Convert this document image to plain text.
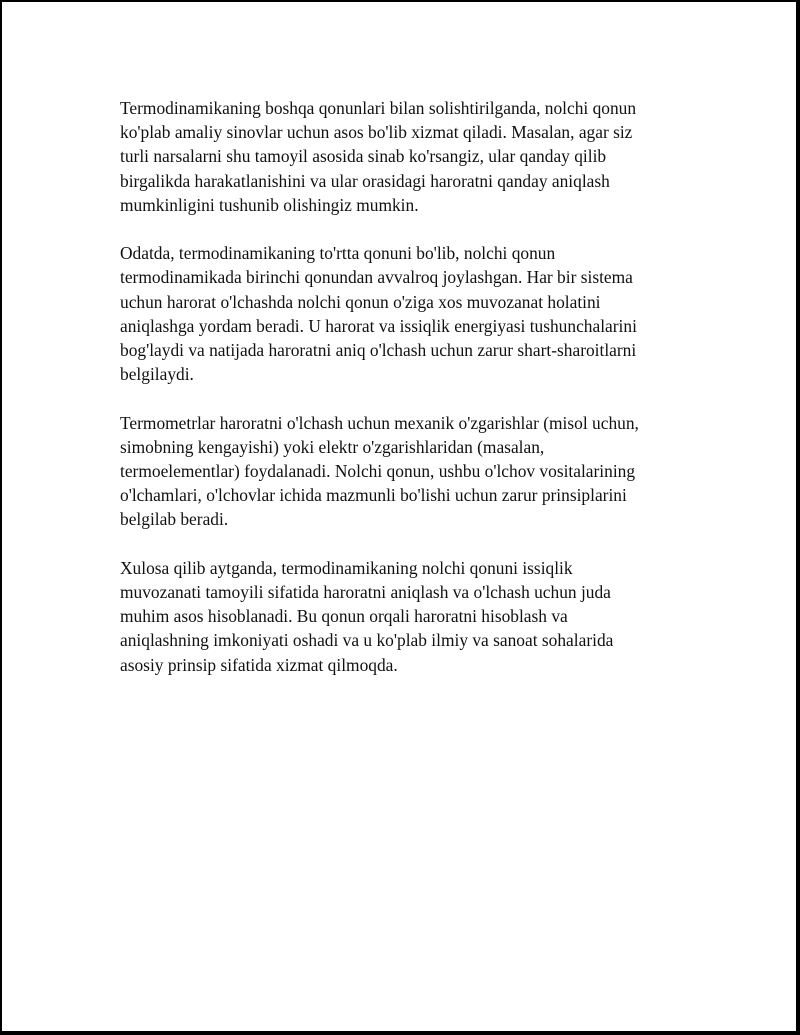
Termodinamikaning boshqa qonunlari bilan solishtirilganda, nolchi qonun
ko'plab amaliy sinovlar uchun asos bo'lib xizmat qiladi. Masalan, agar siz
turli narsalarni shu tamoyil asosida sinab ko'rsangiz, ular qanday qilib
birgalikda harakatlanishini va ular orasidagi haroratni qanday aniqlash
mumkinligini tushunib olishingiz mumkin.

Odatda, termodinamikaning to'rtta qonuni bo'lib, nolchi qonun
termodinamikada birinchi qonundan avvalroq joylashgan. Har bir sistema
uchun harorat o'lchashda nolchi qonun o'ziga xos muvozanat holatini
aniqlashga yordam beradi. U harorat va issiqlik energiyasi tushunchalarini
bog'laydi va natijada haroratni aniq o'lchash uchun zarur shart-sharoitlarni
belgilaydi.

Termometrlar haroratni o'lchash uchun mexanik o'zgarishlar (misol uchun,
simobning kengayishi) yoki elektr o'zgarishlaridan (masalan,
termoelementlar) foydalanadi. Nolchi qonun, ushbu o'lchov vositalarining
o'lchamlari, o'lchovlar ichida mazmunli bo'lishi uchun zarur prinsiplarini
belgilab beradi.

Xulosa qilib aytganda, termodinamikaning nolchi qonuni issiqlik
muvozanati tamoyili sifatida haroratni aniqlash va o'lchash uchun juda
muhim asos hisoblanadi. Bu qonun orqali haroratni hisoblash va
aniqlashning imkoniyati oshadi va u ko'plab ilmiy va sanoat sohalarida
asosiy prinsip sifatida xizmat qilmoqda.
